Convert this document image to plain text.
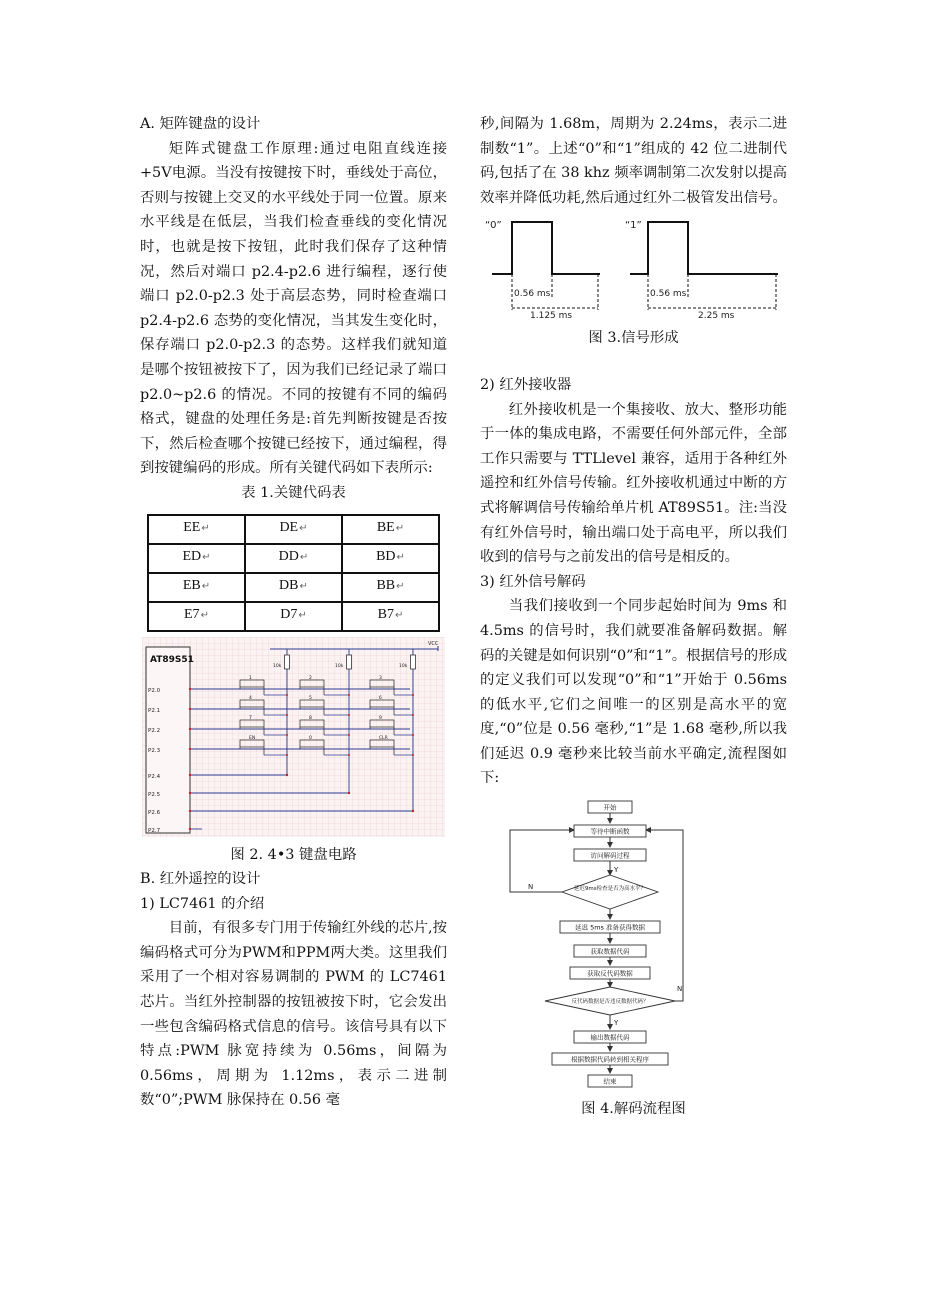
A. 矩阵键盘的设计

矩阵式键盘工作原理:通过电阻直线连接+5V电源。当没有按键按下时，垂线处于高位，否则与按键上交叉的水平线处于同一位置。原来水平线是在低层，当我们检查垂线的变化情况时，也就是按下按钮，此时我们保存了这种情况，然后对端口 p2.4-p2.6 进行编程，逐行使端口 p2.0-p2.3 处于高层态势，同时检查端口 p2.4-p2.6 态势的变化情况，当其发生变化时，保存端口 p2.0-p2.3 的态势。这样我们就知道是哪个按钮被按下了，因为我们已经记录了端口 p2.0~p2.6 的情况。不同的按键有不同的编码格式，键盘的处理任务是:首先判断按键是否按下，然后检查哪个按键已经按下，通过编程，得到按键编码的形成。所有关键代码如下表所示:

表 1.关键代码表

EE↵	DE↵	BE↵
ED↵	DD↵	BD↵
EB↵	DB↵	BB↵
E7↵	D7↵	B7↵
AT89S51
VCC
P2.0
P2.1
P2.2
P2.3
P2.4
P2.5
P2.6
P2.7
10k	10k	10k
1	2	3
4	5	6
7	8	9
EN	0	CLR

图 2. 4•3 键盘电路

B. 红外遥控的设计

1) LC7461 的介绍

目前，有很多专门用于传输红外线的芯片,按编码格式可分为PWM和PPM两大类。这里我们采用了一个相对容易调制的 PWM 的 LC7461 芯片。当红外控制器的按钮被按下时，它会发出一些包含编码格式信息的信号。该信号具有以下特点:PWM 脉宽持续为 0.56ms，间隔为 0.56ms，周期为 1.12ms，表示二进制数“0”;PWM 脉保持在 0.56 毫

秒,间隔为 1.68m，周期为 2.24ms，表示二进制数“1”。上述“0”和“1”组成的 42 位二进制代码,包括了在 38 khz 频率调制第二次发射以提高效率并降低功耗,然后通过红外二极管发出信号。

“0”	“1”
0.56 ms
1.125 ms
0.56 ms
2.25 ms

图 3.信号形成

2) 红外接收器

红外接收机是一个集接收、放大、整形功能于一体的集成电路，不需要任何外部元件，全部工作只需要与 TTLlevel 兼容，适用于各种红外遥控和红外信号传输。红外接收机通过中断的方式将解调信号传输给单片机 AT89S51。注:当没有红外信号时，输出端口处于高电平，所以我们收到的信号与之前发出的信号是相反的。

3) 红外信号解码

当我们接收到一个同步起始时间为 9ms 和 4.5ms 的信号时，我们就要准备解码数据。解码的关键是如何识别“0”和“1”。根据信号的形成的定义我们可以发现“0”和“1”开始于 0.56ms 的低水平,它们之间唯一的区别是高水平的宽度,“0”位是 0.56 毫秒,“1”是 1.68 毫秒,所以我们延迟 0.9 毫秒来比较当前水平确定,流程图如下:

开始
等待中断函数
访问解码过程
延迟 5ms 准备获得数据
获取数据代码
获取反代码数据
输出数据代码
根据数据代码转到相关程序
结束
延迟9ms检查是否为高水平？
反代码数据是否违反数据代码？
Y
N
Y
N

图 4.解码流程图
